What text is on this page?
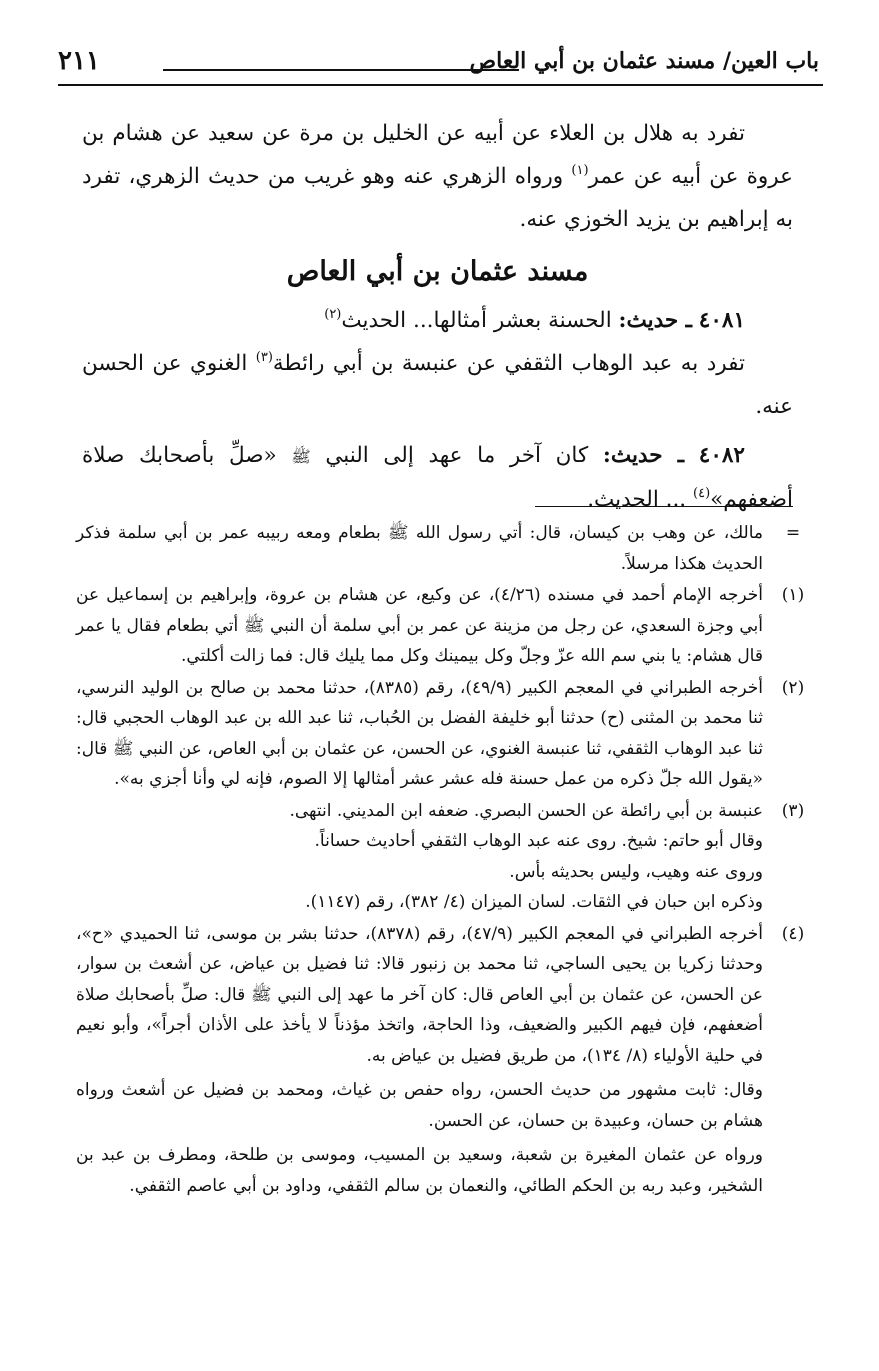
باب العين/ مسند عثمان بن أبي العاص
٢١١

تفرد به هلال بن العلاء عن أبيه عن الخليل بن مرة عن سعيد عن هشام بن عروة عن أبيه عن عمر$^{(١)}$ ورواه الزهري عنه وهو غريب من حديث الزهري، تفرد به إبراهيم بن يزيد الخوزي عنه.

مسند عثمان بن أبي العاص

٤٠٨١ ـ حديث: الحسنة بعشر أمثالها... الحديث$^{(٢)}$

تفرد به عبد الوهاب الثقفي عن عنبسة بن أبي رائطة$^{(٣)}$ الغنوي عن الحسن عنه.

٤٠٨٢ ـ حديث: كان آخر ما عهد إلى النبي ﷺ «صلِّ بأصحابك صلاة أضعفهم»$^{(٤)}$ ... الحديث.

=

مالك، عن وهب بن كيسان، قال: أتي رسول الله ﷺ بطعام ومعه ربيبه عمر بن أبي سلمة فذكر الحديث هكذا مرسلاً.

(١)

أخرجه الإمام أحمد في مسنده (٤/٢٦)، عن وكيع، عن هشام بن عروة، وإبراهيم بن إسماعيل عن أبي وجزة السعدي، عن رجل من مزينة عن عمر بن أبي سلمة أن النبي ﷺ أتي بطعام فقال يا عمر قال هشام: يا بني سم الله عزّ وجلّ وكل بيمينك وكل مما يليك قال: فما زالت أكلتي.

(٢)

أخرجه الطبراني في المعجم الكبير (٤٩/٩)، رقم (٨٣٨٥)، حدثنا محمد بن صالح بن الوليد النرسي، ثنا محمد بن المثنى (ح) حدثنا أبو خليفة الفضل بن الحُباب، ثنا عبد الله بن عبد الوهاب الحجبي قال: ثنا عبد الوهاب الثقفي، ثنا عنبسة الغنوي، عن الحسن، عن عثمان بن أبي العاص، عن النبي ﷺ قال: «يقول الله جلّ ذكره من عمل حسنة فله عشر عشر أمثالها إلا الصوم، فإنه لي وأنا أجزي به».

(٣)

عنبسة بن أبي رائطة عن الحسن البصري. ضعفه ابن المديني. انتهى.

وقال أبو حاتم: شيخ. روى عنه عبد الوهاب الثقفي أحاديث حساناً.

وروى عنه وهيب، وليس بحديثه بأس.

وذكره ابن حبان في الثقات. لسان الميزان (٤/ ٣٨٢)، رقم (١١٤٧).

(٤)

أخرجه الطبراني في المعجم الكبير (٤٧/٩)، رقم (٨٣٧٨)، حدثنا بشر بن موسى، ثنا الحميدي «ح»، وحدثنا زكريا بن يحيى الساجي، ثنا محمد بن زنبور قالا: ثنا فضيل بن عياض، عن أشعث بن سوار، عن الحسن، عن عثمان بن أبي العاص قال: كان آخر ما عهد إلى النبي ﷺ قال: صلِّ بأصحابك صلاة أضعفهم، فإن فيهم الكبير والضعيف، وذا الحاجة، واتخذ مؤذناً لا يأخذ على الأذان أجراً»، وأبو نعيم في حلية الأولياء (٨/ ١٣٤)، من طريق فضيل بن عياض به.

وقال: ثابت مشهور من حديث الحسن، رواه حفص بن غياث، ومحمد بن فضيل عن أشعث ورواه هشام بن حسان، وعبيدة بن حسان، عن الحسن.

ورواه عن عثمان المغيرة بن شعبة، وسعيد بن المسيب، وموسى بن طلحة، ومطرف بن عبد بن الشخير، وعبد ربه بن الحكم الطائي، والنعمان بن سالم الثقفي، وداود بن أبي عاصم الثقفي.
